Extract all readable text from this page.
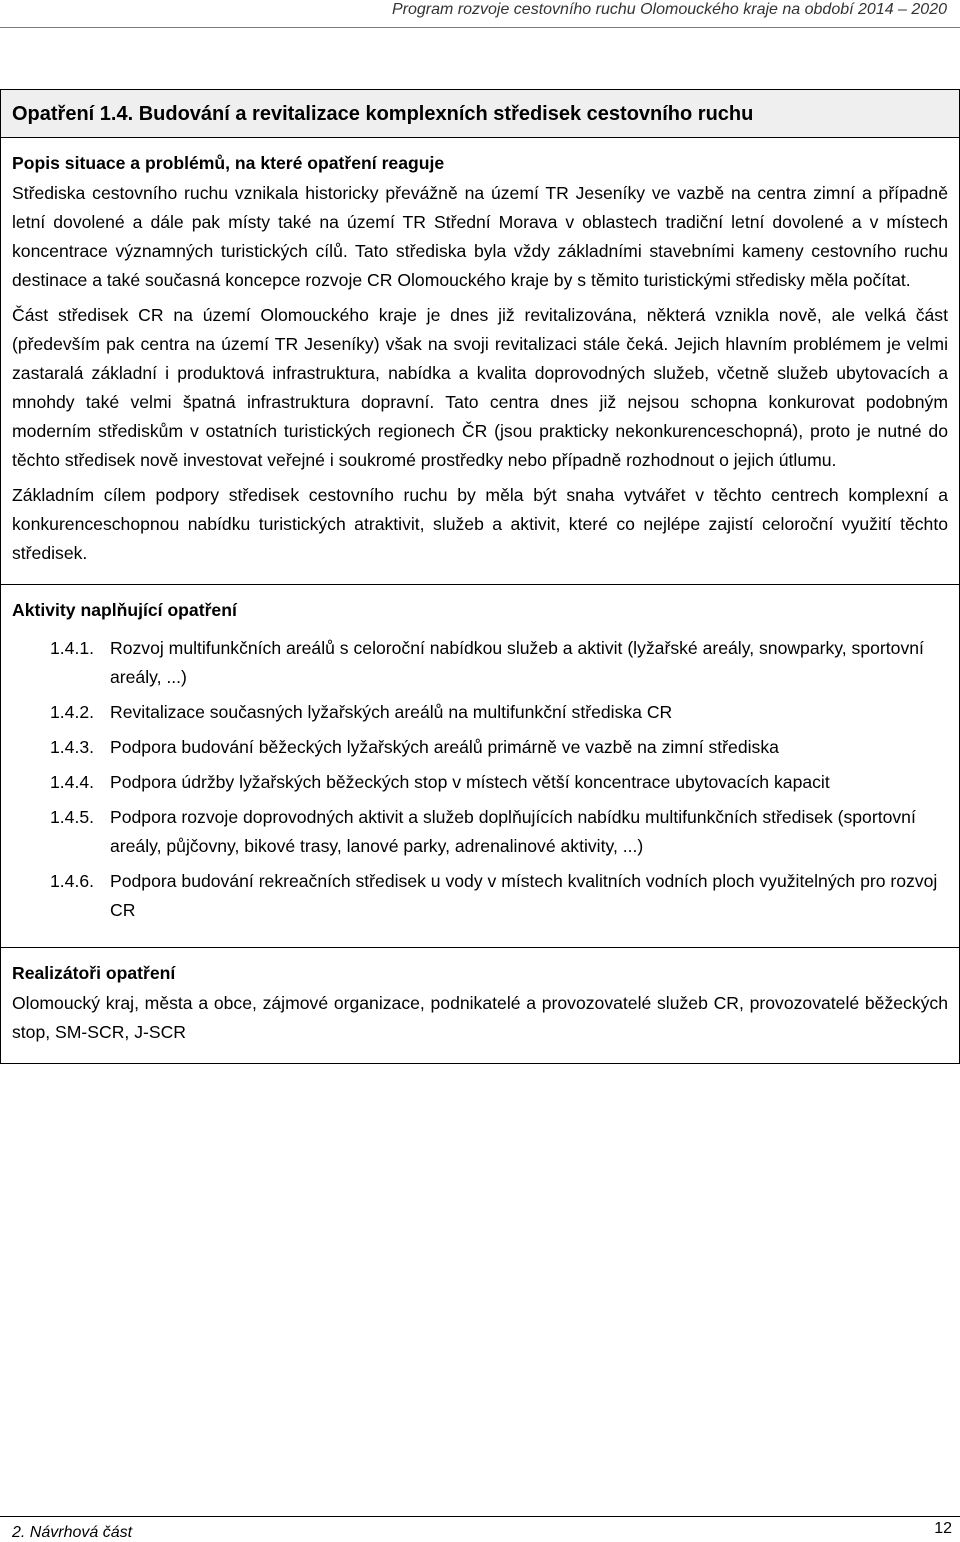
Program rozvoje cestovního ruchu Olomouckého kraje na období 2014 – 2020
Opatření 1.4. Budování a revitalizace komplexních středisek cestovního ruchu
Popis situace a problémů, na které opatření reaguje

Střediska cestovního ruchu vznikala historicky převážně na území TR Jeseníky ve vazbě na centra zimní a případně letní dovolené a dále pak místy také na území TR Střední Morava v oblastech tradiční letní dovolené a v místech koncentrace významných turistických cílů. Tato střediska byla vždy základními stavebními kameny cestovního ruchu destinace a také současná koncepce rozvoje CR Olomouckého kraje by s těmito turistickými středisky měla počítat.

Část středisek CR na území Olomouckého kraje je dnes již revitalizována, některá vznikla nově, ale velká část (především pak centra na území TR Jeseníky) však na svoji revitalizaci stále čeká. Jejich hlavním problémem je velmi zastaralá základní i produktová infrastruktura, nabídka a kvalita doprovodných služeb, včetně služeb ubytovacích a mnohdy také velmi špatná infrastruktura dopravní. Tato centra dnes již nejsou schopna konkurovat podobným moderním střediskům v ostatních turistických regionech ČR (jsou prakticky nekonkurenceschopná), proto je nutné do těchto středisek nově investovat veřejné i soukromé prostředky nebo případně rozhodnout o jejich útlumu.

Základním cílem podpory středisek cestovního ruchu by měla být snaha vytvářet v těchto centrech komplexní a konkurenceschopnou nabídku turistických atraktivit, služeb a aktivit, které co nejlépe zajistí celoroční využití těchto středisek.

Aktivity naplňující opatření
1.4.1. Rozvoj multifunkčních areálů s celoroční nabídkou služeb a aktivit (lyžařské areály, snowparky, sportovní areály, ...)
1.4.2. Revitalizace současných lyžařských areálů na multifunkční střediska CR
1.4.3. Podpora budování běžeckých lyžařských areálů primárně ve vazbě na zimní střediska
1.4.4. Podpora údržby lyžařských běžeckých stop v místech větší koncentrace ubytovacích kapacit
1.4.5. Podpora rozvoje doprovodných aktivit a služeb doplňujících nabídku multifunkčních středisek (sportovní areály, půjčovny, bikové trasy, lanové parky, adrenalinové aktivity, ...)
1.4.6. Podpora budování rekreačních středisek u vody v místech kvalitních vodních ploch využitelných pro rozvoj CR
Realizátoři opatření

Olomoucký kraj, města a obce, zájmové organizace, podnikatelé a provozovatelé služeb CR, provozovatelé běžeckých stop, SM-SCR, J-SCR

2. Návrhová část	12
